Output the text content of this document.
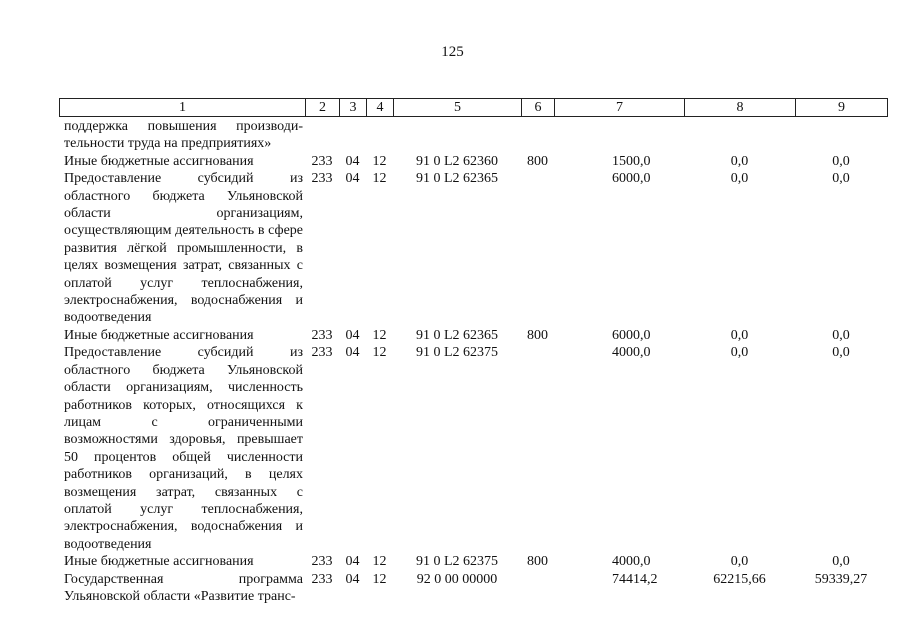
125
1	2	3	4	5	6	7	8	9
поддержка повышения производи-тельности труда на предприятиях»								
Иные бюджетные ассигнования	233	04	12	91 0 L2 62360	800	1500,0	0,0	0,0
Предоставление субсидий из областного бюджета Ульяновской области организациям, осуществляющим деятельность в сфере развития лёгкой промышленности, в целях возмещения затрат, связанных с оплатой услуг теплоснабжения, электроснабжения, водоснабжения и водоотведения	233	04	12	91 0 L2 62365		6000,0	0,0	0,0
Иные бюджетные ассигнования	233	04	12	91 0 L2 62365	800	6000,0	0,0	0,0
Предоставление субсидий из областного бюджета Ульяновской области организациям, численность работников которых, относящихся к лицам с ограниченными возможностями здоровья, превышает 50 процентов общей численности работников организаций, в целях возмещения затрат, связанных с оплатой услуг теплоснабжения, электроснабжения, водоснабжения и водоотведения	233	04	12	91 0 L2 62375		4000,0	0,0	0,0
Иные бюджетные ассигнования	233	04	12	91 0 L2 62375	800	4000,0	0,0	0,0
Государственная программа Ульяновской области «Развитие транс-	233	04	12	92 0 00 00000		74414,2	62215,66	59339,27
